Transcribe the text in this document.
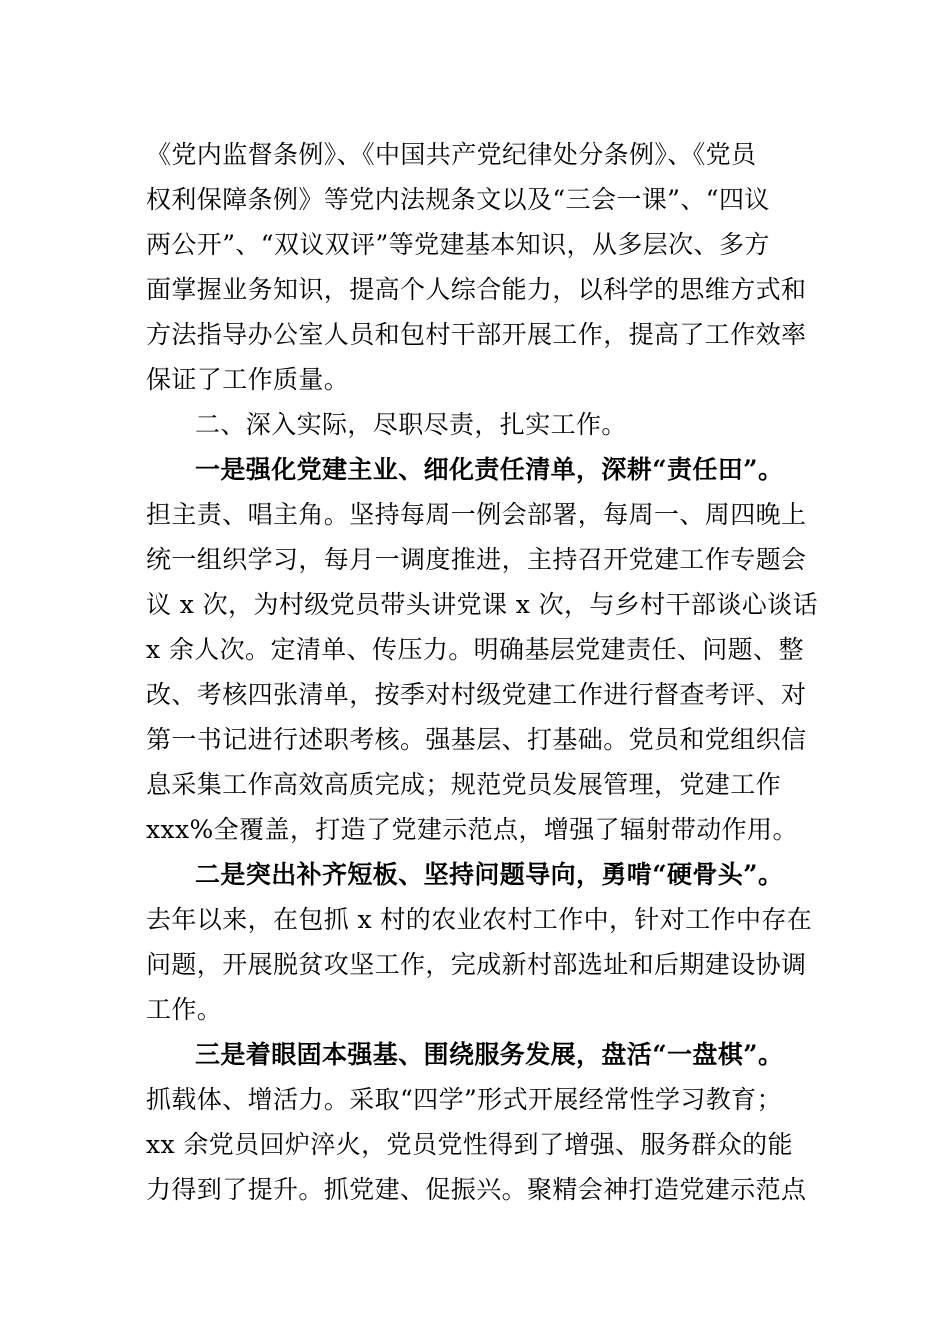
《党内监督条例》、《中国共产党纪律处分条例》、《党员
权利保障条例》等党内法规条文以及“三会一课”、“四议
两公开”、“双议双评”等党建基本知识，从多层次、多方
面掌握业务知识，提高个人综合能力，以科学的思维方式和
方法指导办公室人员和包村干部开展工作，提高了工作效率
保证了工作质量。
二、深入实际，尽职尽责，扎实工作。
一是强化党建主业、细化责任清单，深耕“责任田”。
担主责、唱主角。坚持每周一例会部署，每周一、周四晚上
统一组织学习，每月一调度推进，主持召开党建工作专题会
议 x 次，为村级党员带头讲党课 x 次，与乡村干部谈心谈话
x 余人次。定清单、传压力。明确基层党建责任、问题、整
改、考核四张清单，按季对村级党建工作进行督查考评、对
第一书记进行述职考核。强基层、打基础。党员和党组织信
息采集工作高效高质完成；规范党员发展管理，党建工作
xxx%全覆盖，打造了党建示范点，增强了辐射带动作用。
二是突出补齐短板、坚持问题导向，勇啃“硬骨头”。
去年以来，在包抓 x 村的农业农村工作中，针对工作中存在
问题，开展脱贫攻坚工作，完成新村部选址和后期建设协调
工作。
三是着眼固本强基、围绕服务发展，盘活“一盘棋”。
抓载体、增活力。采取“四学”形式开展经常性学习教育；
xx 余党员回炉淬火，党员党性得到了增强、服务群众的能
力得到了提升。抓党建、促振兴。聚精会神打造党建示范点
